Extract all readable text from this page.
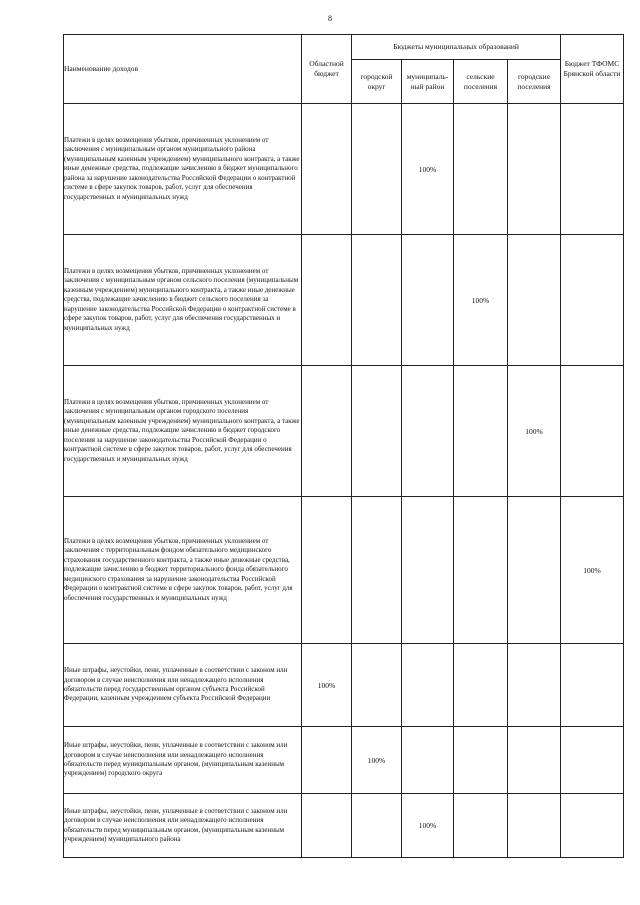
8
Наименование доходов	Областной бюджет	Бюджеты муниципальных образований				Бюджет ТФОМС Брянской области
		городской округ	муниципаль-ный район	сельские поселения	городские поселения	
Платежи в целях возмещения убытков, причиненных уклонением от заключения с муниципальным органом муниципального района (муниципальным казенным учреждением) муниципального контракта, а также иные денежные средства, подлежащие зачислению в бюджет муниципального района за нарушение законодательства Российской Федерации о контрактной системе в сфере закупок товаров, работ, услуг для обеспечения государственных и муниципальных нужд			100%			
Платежи в целях возмещения убытков, причиненных уклонением от заключения с муниципальным органом сельского поселения (муниципальным казенным учреждением) муниципального контракта, а также иные денежные средства, подлежащие зачислению в бюджет сельского поселения за нарушение законодательства Российской Федерации о контрактной системе в сфере закупок товаров, работ, услуг для обеспечения государственных и муниципальных нужд				100%		
Платежи в целях возмещения убытков, причиненных уклонением от заключения с муниципальным органом городского поселения (муниципальным казенным учреждением) муниципального контракта, а также иные денежные средства, подлежащие зачислению в бюджет городского поселения за нарушение законодательства Российской Федерации о контрактной системе в сфере закупок товаров, работ, услуг для обеспечения государственных и муниципальных нужд					100%	
Платежи в целях возмещения убытков, причиненных уклонением от заключения с территориальным фондом обязательного медицинского страхования государственного контракта, а также иные денежные средства, подлежащие зачислению в бюджет территориального фонда обязательного медицинского страхования за нарушение законодательства Российской Федерации о контрактной системе в сфере закупок товаров, работ, услуг для обеспечения государственных и муниципальных нужд						100%
Иные штрафы, неустойки, пени, уплаченные в соответствии с законом или договором в случае неисполнения или ненадлежащего исполнения обязательств перед государственным органом субъекта Российской Федерации, казенным учреждением субъекта Российской Федерации	100%					
Иные штрафы, неустойки, пени, уплаченные в соответствии с законом или договором в случае неисполнения или ненадлежащего исполнения обязательств перед муниципальным органом, (муниципальным казенным учреждением) городского округа		100%				
Иные штрафы, неустойки, пени, уплаченные в соответствии с законом или договором в случае неисполнения или ненадлежащего исполнения обязательств перед муниципальным органом, (муниципальным казенным учреждением) муниципального района			100%			
